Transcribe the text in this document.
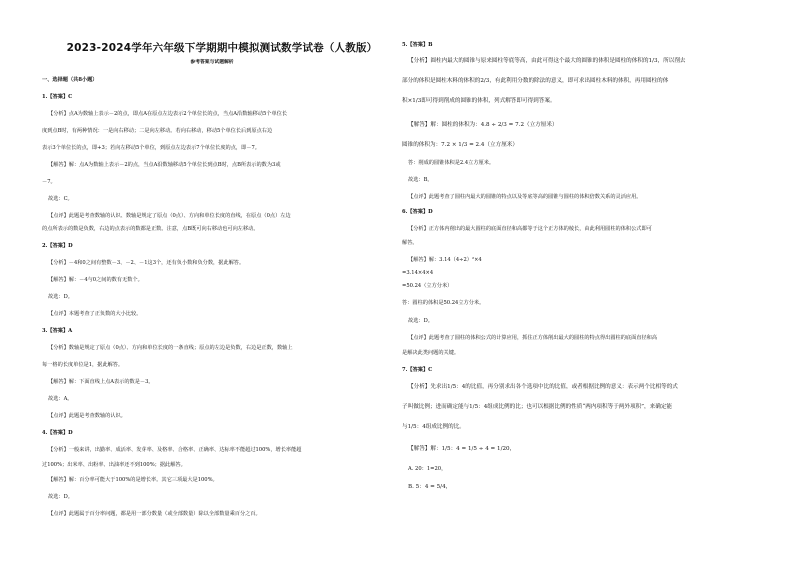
2023-2024学年六年级下学期期中模拟测试数学试卷（人教版）
参考答案与试题解析
一、选择题（共8小题）
1.【答案】C
【分析】点A为数轴上表示－2的点，即点A在原点左边表示2个单位长的点，当点A沿数轴移动5个单位长
度到点B时，有两种情况：一是向右移动；二是向左移动。若向右移动，移动5个单位长后到原点右边
表示3个单位长的点，即+3；若向左移动5个单位，到原点左边表示7个单位长度的点，即－7。
【解答】解：点A为数轴上表示－2的点，当点A沿数轴移动5个单位长到点B时，点B所表示的数为3或
－7。
故选：C。
【点评】此题是考查数轴的认识、数轴是规定了原点（0点）、方向和单位长度的直线，在原点（0点）左边
的点所表示的数是负数，右边的点表示的数都是正数。注意，点B既可向右移动也可向左移动。
2.【答案】D
【分析】－4和0之间有整数－3、－2、－1这3个，还有负小数和负分数，据此解答。
【解答】解：－4与0之间的数有无数个。
故选：D。
【点评】本题考查了正负数的大小比较。
3.【答案】A
【分析】数轴是规定了原点（0点）、方向和单位长度的一条直线；原点的左边是负数，右边是正数，数轴上
每一格的长度单位是1，据此解答。
【解答】解：下面直线上点A表示的数是－3。
故选：A。
【点评】此题是考查数轴的认识。
4.【答案】D
【分析】一般来讲，出勤率、成活率、发芽率、及格率、合格率、正确率、达标率不能超过100%，增长率能超
过100%；出米率、出粉率、出油率还不到100%；据此解答。
【解答】解：百分率可能大于100%的是增长率。其它三项最大是100%。
故选：D。
【点评】此题属于百分率问题，都是用一部分数量（或全部数量）除以全部数量乘百分之百。
5.【答案】B
【分析】圆柱内最大的圆锥与原来圆柱等底等高，由此可得这个最大的圆锥的体积是圆柱的体积的1/3，所以削去
部分的体积是圆柱木料的体积的2/3，有此利用分数的除法的意义，即可求出圆柱木料的体积，再用圆柱的体
积×1/3即可得到削成的圆锥的体积，列式解答即可得到答案。
【解答】解：圆柱的体积为：4.8 ÷ 2/3 = 7.2（立方厘米）
圆锥的体积为：7.2 × 1/3 = 2.4（立方厘米）
答：削成的圆锥体积是2.4立方厘米。
故选：B。
【点评】此题考查了圆柱内最大的圆锥的特点以及等底等高的圆锥与圆柱的体积倍数关系的灵活应用。
6.【答案】D
【分析】正方体内削出的最大圆柱的底面直径和高都等于这个正方体的棱长，由此利用圆柱的体积公式即可
解答。
【解答】解：3.14（4÷2）²×4
=3.14×4×4
=50.24（立方分米）
答：圆柱的体积是50.24立方分米。
故选：D。
【点评】此题考查了圆柱的体积公式的计算应用，抓住正方体削出最大的圆柱的特点得出圆柱的底面直径和高
是解决此类问题的关键。
7.【答案】C
【分析】先求出1/5：4的比值，再分别求出各个选项中比的比值，或者根据比例的意义：表示两个比相等的式
子叫做比例；进而确定能与1/5：4组成比例的比；也可以根据比例的性质“两内项积等于两外项积”，来确定能
与1/5：4组成比例的比。
【解答】解：1/5：4 = 1/5 ÷ 4 = 1/20，
A. 20：1=20，
B. 5：4 = 5/4，
